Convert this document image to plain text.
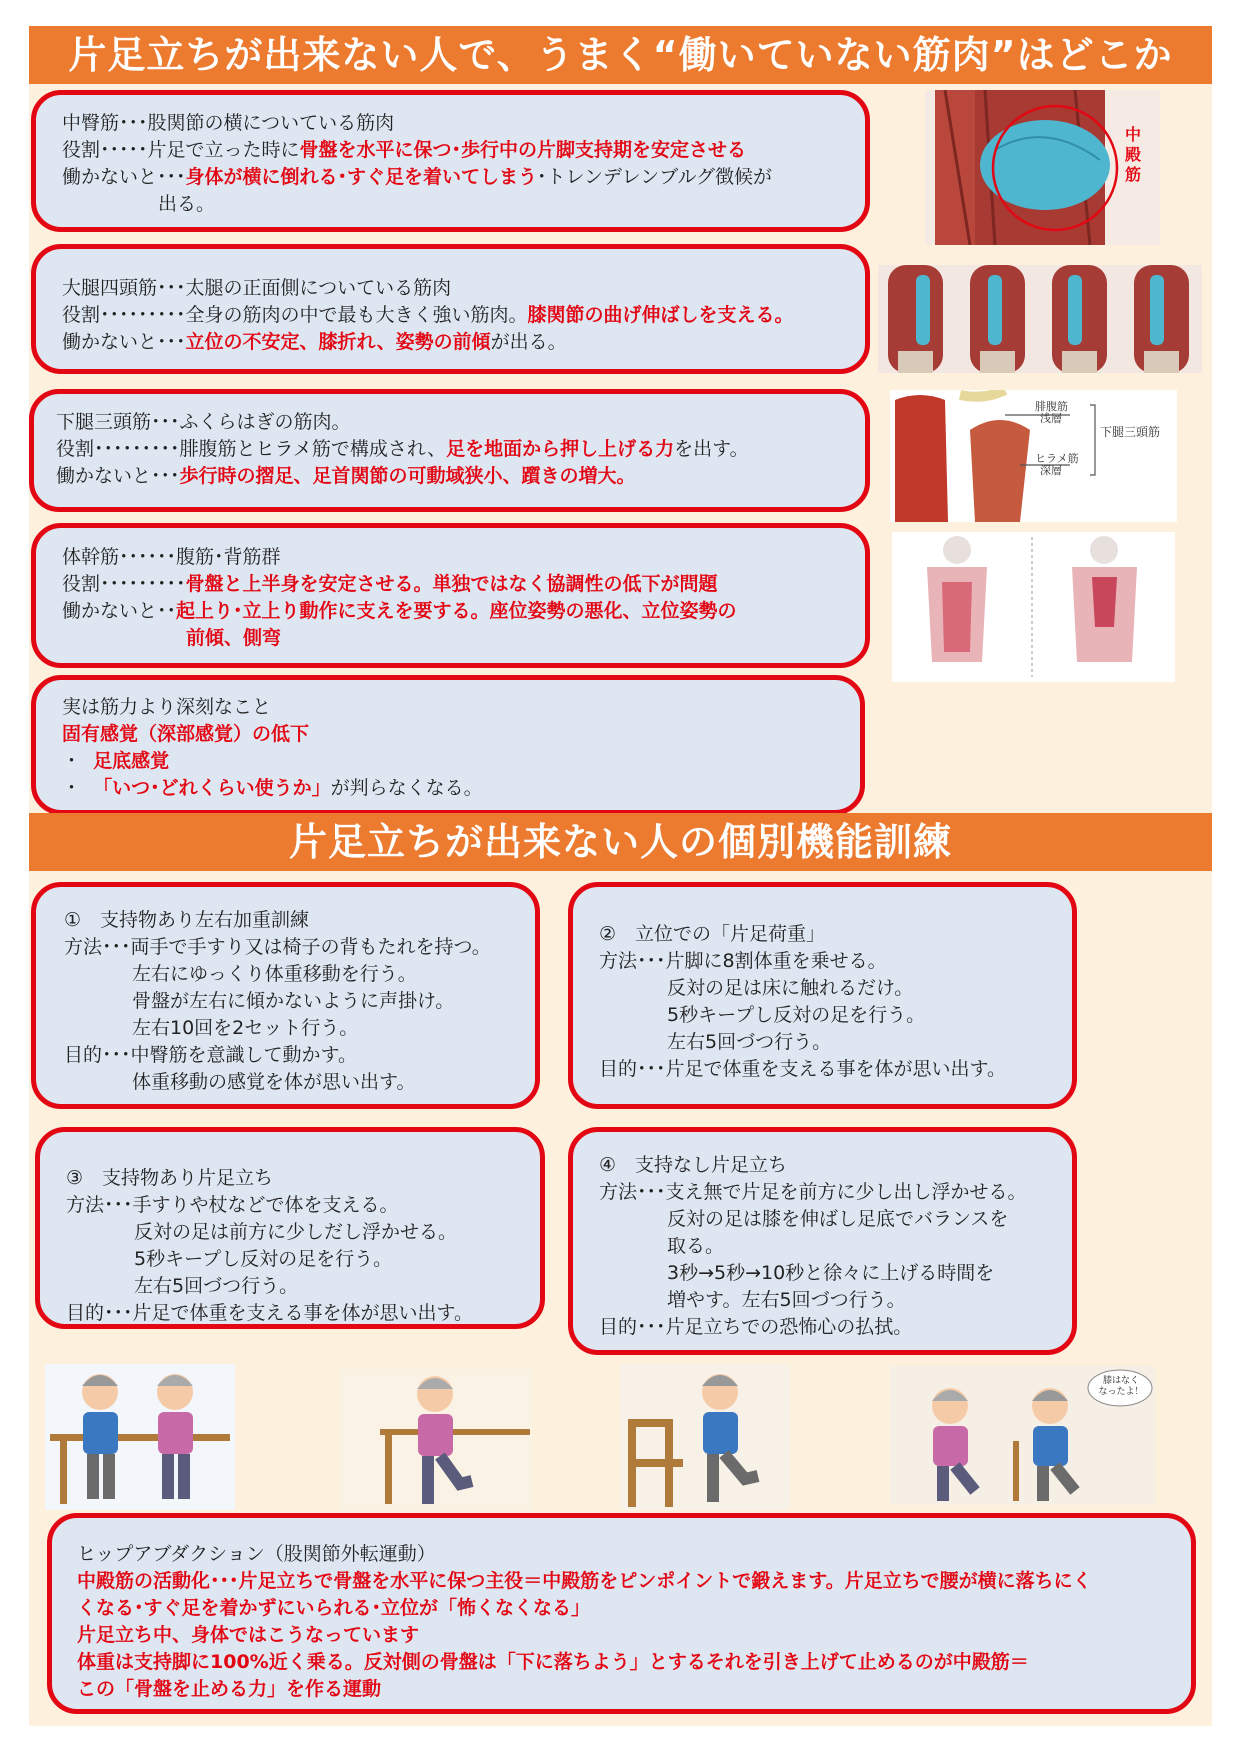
片足立ちが出来ない人で、うまく“働いていない筋肉”はどこか
中臀筋･･･股関節の横についている筋肉
役割･････片足で立った時に骨盤を水平に保つ･歩行中の片脚支持期を安定させる
働かないと･･･身体が横に倒れる･すぐ足を着いてしまう･トレンデレンブルグ徴候が
出る。
大腿四頭筋･･･太腿の正面側についている筋肉
役割･････････全身の筋肉の中で最も大きく強い筋肉。膝関節の曲げ伸ばしを支える。
働かないと･･･立位の不安定、膝折れ、姿勢の前傾が出る。
下腿三頭筋･･･ふくらはぎの筋肉。
役割･････････腓腹筋とヒラメ筋で構成され、足を地面から押し上げる力を出す。
働かないと･･･歩行時の摺足、足首関節の可動域狭小、躓きの増大。
体幹筋･･････腹筋･背筋群
役割･････････骨盤と上半身を安定させる。単独ではなく協調性の低下が問題
働かないと･･起上り･立上り動作に支えを要する。座位姿勢の悪化、立位姿勢の
前傾、側弯
実は筋力より深刻なこと
固有感覚（深部感覚）の低下
・ 足底感覚
・ 「いつ･どれくらい使うか」が判らなくなる。
中
殿
筋
腓腹筋
浅層
ヒラメ筋
深層
下腿三頭筋
片足立ちが出来ない人の個別機能訓練
①　支持物あり左右加重訓練
方法･･･両手で手すり又は椅子の背もたれを持つ。
左右にゆっくり体重移動を行う。
骨盤が左右に傾かないように声掛け。
左右10回を2セット行う。
目的･･･中臀筋を意識して動かす。
体重移動の感覚を体が思い出す。
②　立位での「片足荷重」
方法･･･片脚に8割体重を乗せる。
反対の足は床に触れるだけ。
5秒キープし反対の足を行う。
左右5回づつ行う。
目的･･･片足で体重を支える事を体が思い出す。
③　支持物あり片足立ち
方法･･･手すりや杖などで体を支える。
反対の足は前方に少しだし浮かせる。
5秒キープし反対の足を行う。
左右5回づつ行う。
目的･･･片足で体重を支える事を体が思い出す。
④　支持なし片足立ち
方法･･･支え無で片足を前方に少し出し浮かせる。
反対の足は膝を伸ばし足底でバランスを
取る。
3秒→5秒→10秒と徐々に上げる時間を
増やす。左右5回づつ行う。
目的･･･片足立ちでの恐怖心の払拭。
膝はなく
なったよ！
ヒップアブダクション（股関節外転運動）
中殿筋の活動化･･･片足立ちで骨盤を水平に保つ主役＝中殿筋をピンポイントで鍛えます。片足立ちで腰が横に落ちにく
くなる･すぐ足を着かずにいられる･立位が「怖くなくなる」
片足立ち中、身体ではこうなっています
体重は支持脚に100%近く乗る。反対側の骨盤は「下に落ちよう」とするそれを引き上げて止めるのが中殿筋＝
この「骨盤を止める力」を作る運動
